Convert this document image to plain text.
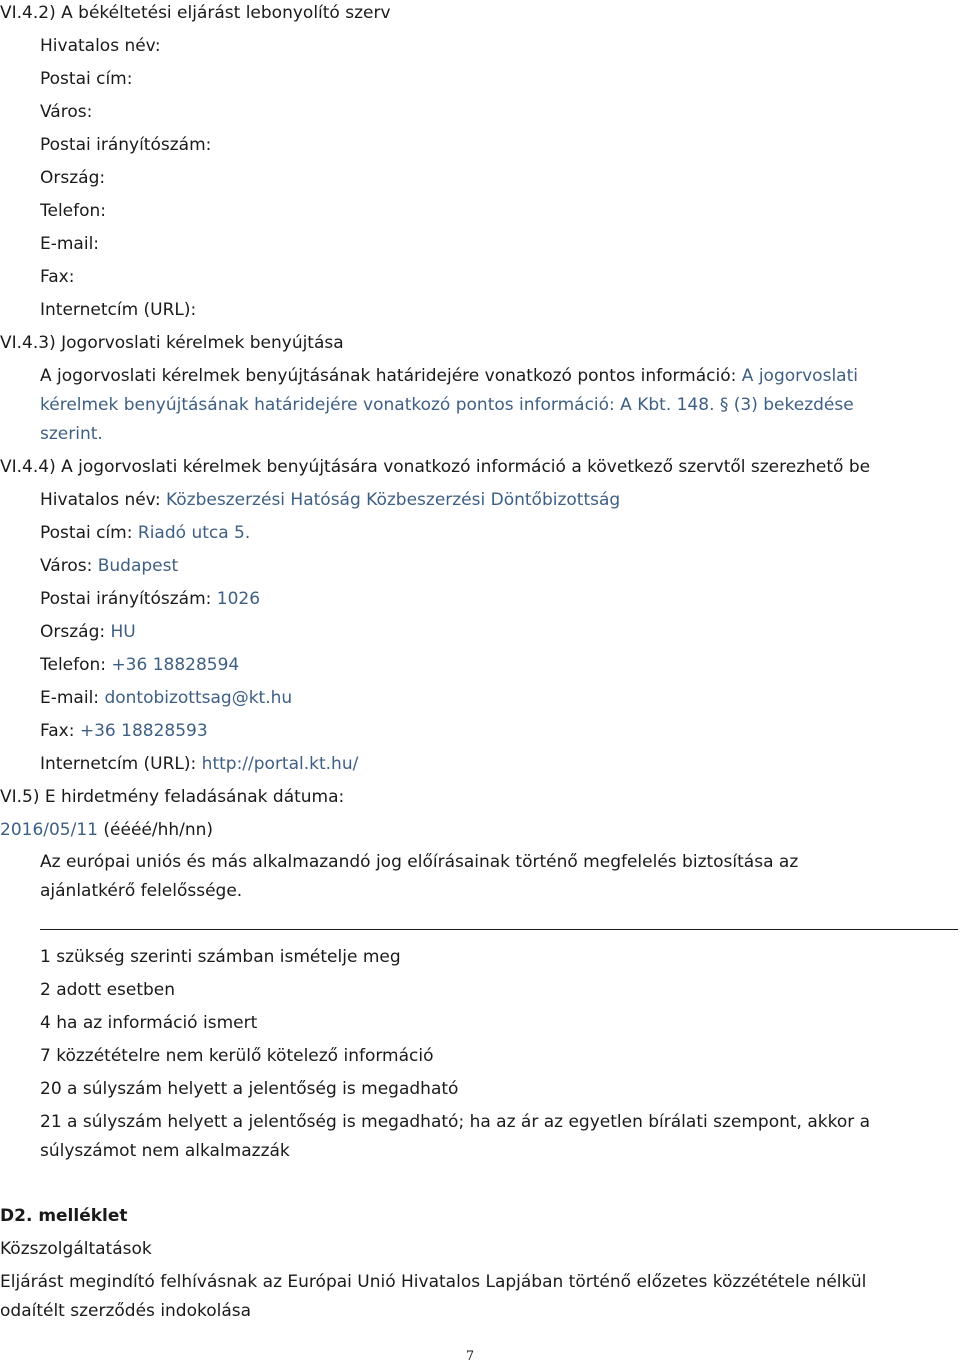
VI.4.2) A békéltetési eljárást lebonyolító szerv
Hivatalos név:
Postai cím:
Város:
Postai irányítószám:
Ország:
Telefon:
E-mail:
Fax:
Internetcím (URL):
VI.4.3) Jogorvoslati kérelmek benyújtása
A jogorvoslati kérelmek benyújtásának határidejére vonatkozó pontos információ: A jogorvoslati
kérelmek benyújtásának határidejére vonatkozó pontos információ: A Kbt. 148. § (3) bekezdése
szerint.
VI.4.4) A jogorvoslati kérelmek benyújtására vonatkozó információ a következő szervtől szerezhető be
Hivatalos név: Közbeszerzési Hatóság Közbeszerzési Döntőbizottság
Postai cím: Riadó utca 5.
Város: Budapest
Postai irányítószám: 1026
Ország: HU
Telefon: +36 18828594
E-mail: dontobizottsag@kt.hu
Fax: +36 18828593
Internetcím (URL): http://portal.kt.hu/
VI.5) E hirdetmény feladásának dátuma:
2016/05/11 (éééé/hh/nn)
Az európai uniós és más alkalmazandó jog előírásainak történő megfelelés biztosítása az
ajánlatkérő felelőssége.
1 szükség szerinti számban ismételje meg
2 adott esetben
4 ha az információ ismert
7 közzétételre nem kerülő kötelező információ
20 a súlyszám helyett a jelentőség is megadható
21 a súlyszám helyett a jelentőség is megadható; ha az ár az egyetlen bírálati szempont, akkor a
súlyszámot nem alkalmazzák
D2. melléklet
Közszolgáltatások
Eljárást megindító felhívásnak az Európai Unió Hivatalos Lapjában történő előzetes közzététele nélkül
odaítélt szerződés indokolása
7
